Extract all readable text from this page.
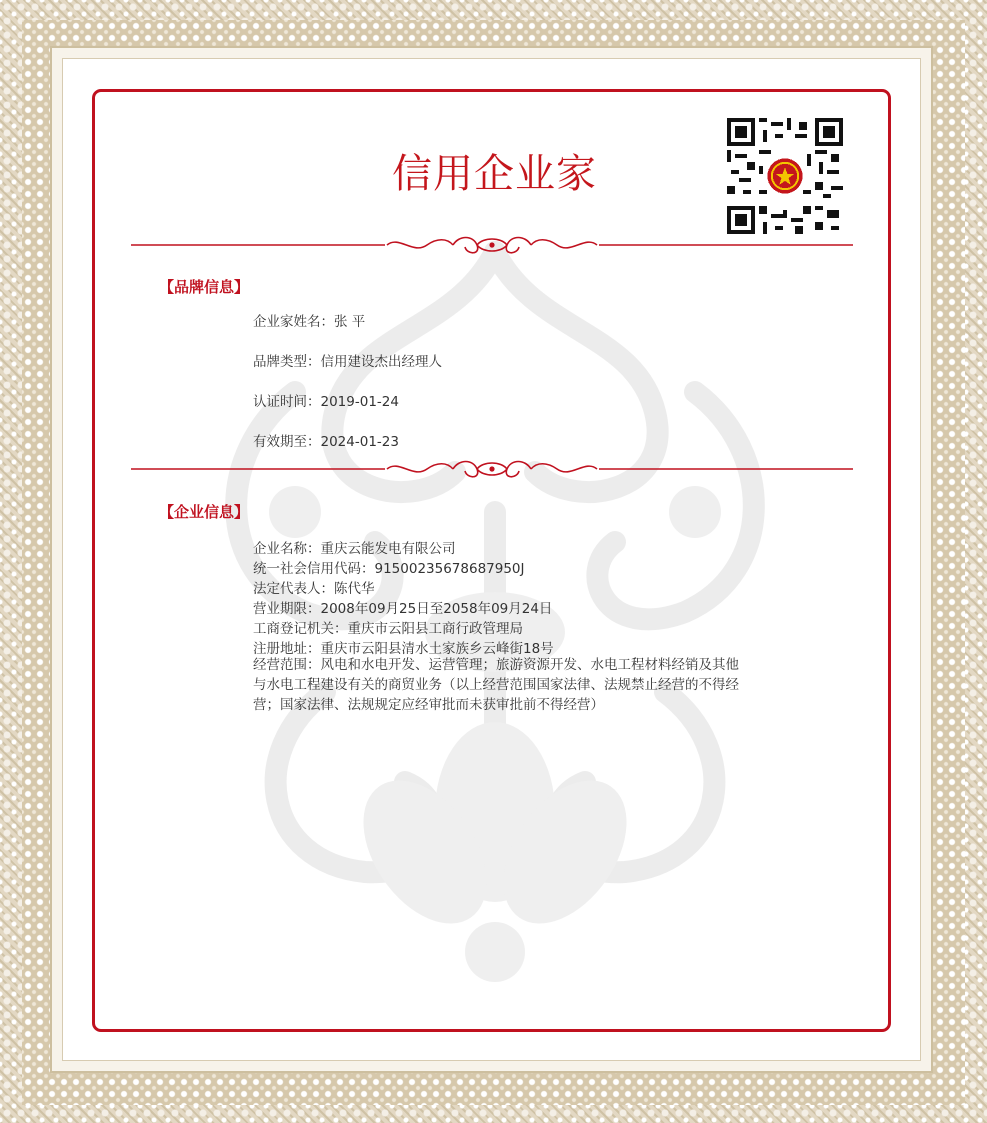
信用企业家
【品牌信息】
企业家姓名：张 平
品牌类型：信用建设杰出经理人
认证时间：2019-01-24
有效期至：2024-01-23
【企业信息】
企业名称：重庆云能发电有限公司
统一社会信用代码：91500235678687950J
法定代表人：陈代华
营业期限：2008年09月25日至2058年09月24日
工商登记机关：重庆市云阳县工商行政管理局
注册地址：重庆市云阳县清水土家族乡云峰街18号
经营范围：风电和水电开发、运营管理；旅游资源开发、水电工程材料经销及其他与水电工程建设有关的商贸业务（以上经营范围国家法律、法规禁止经营的不得经营；国家法律、法规规定应经审批而未获审批前不得经营）
